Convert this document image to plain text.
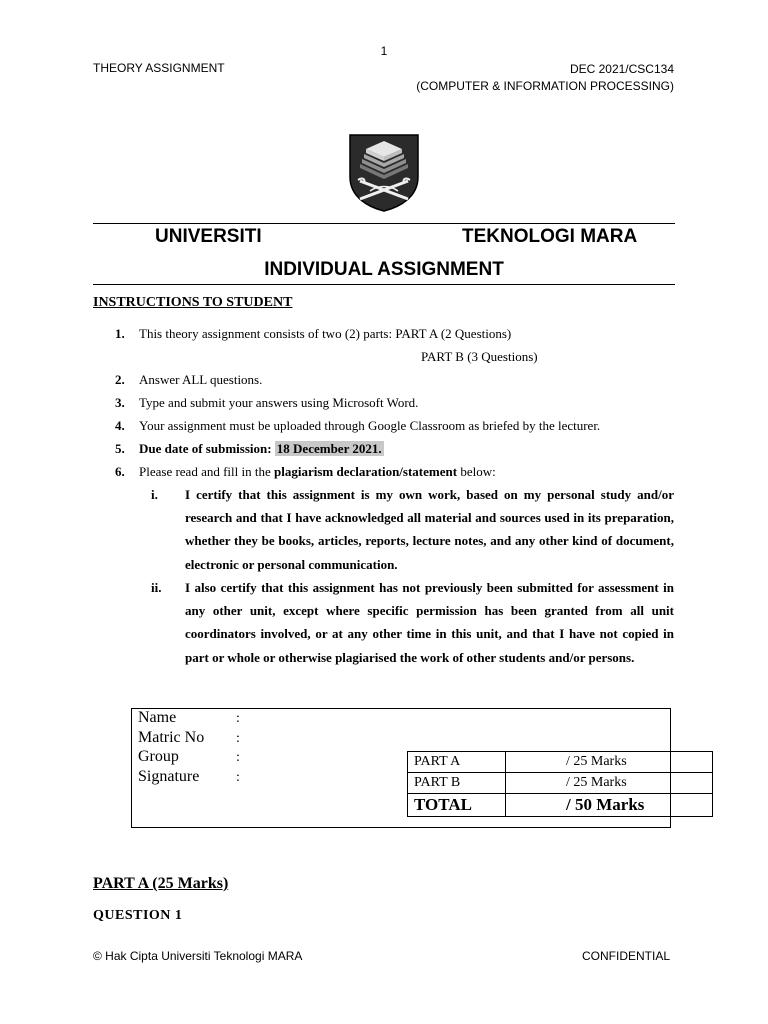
1
THEORY ASSIGNMENT	DEC 2021/CSC134
(COMPUTER & INFORMATION PROCESSING)
UNIVERSITI	TEKNOLOGI MARA
INDIVIDUAL ASSIGNMENT
INSTRUCTIONS TO STUDENT
1. This theory assignment consists of two (2) parts: PART A (2 Questions)
PART B (3 Questions)
2. Answer ALL questions.
3. Type and submit your answers using Microsoft Word.
4. Your assignment must be uploaded through Google Classroom as briefed by the lecturer.
5. Due date of submission: 18 December 2021.
6. Please read and fill in the plagiarism declaration/statement below:
i. I certify that this assignment is my own work, based on my personal study and/or research and that I have acknowledged all material and sources used in its preparation, whether they be books, articles, reports, lecture notes, and any other kind of document, electronic or personal communication.
ii. I also certify that this assignment has not previously been submitted for assessment in any other unit, except where specific permission has been granted from all unit coordinators involved, or at any other time in this unit, and that I have not copied in part or whole or otherwise plagiarised the work of other students and/or persons.
Name	:
Matric No :
Group	:
Signature	:
PART A	/ 25 Marks
PART B	/ 25 Marks
TOTAL	/ 50 Marks
PART A (25 Marks)
QUESTION 1
© Hak Cipta Universiti Teknologi MARA	CONFIDENTIAL
